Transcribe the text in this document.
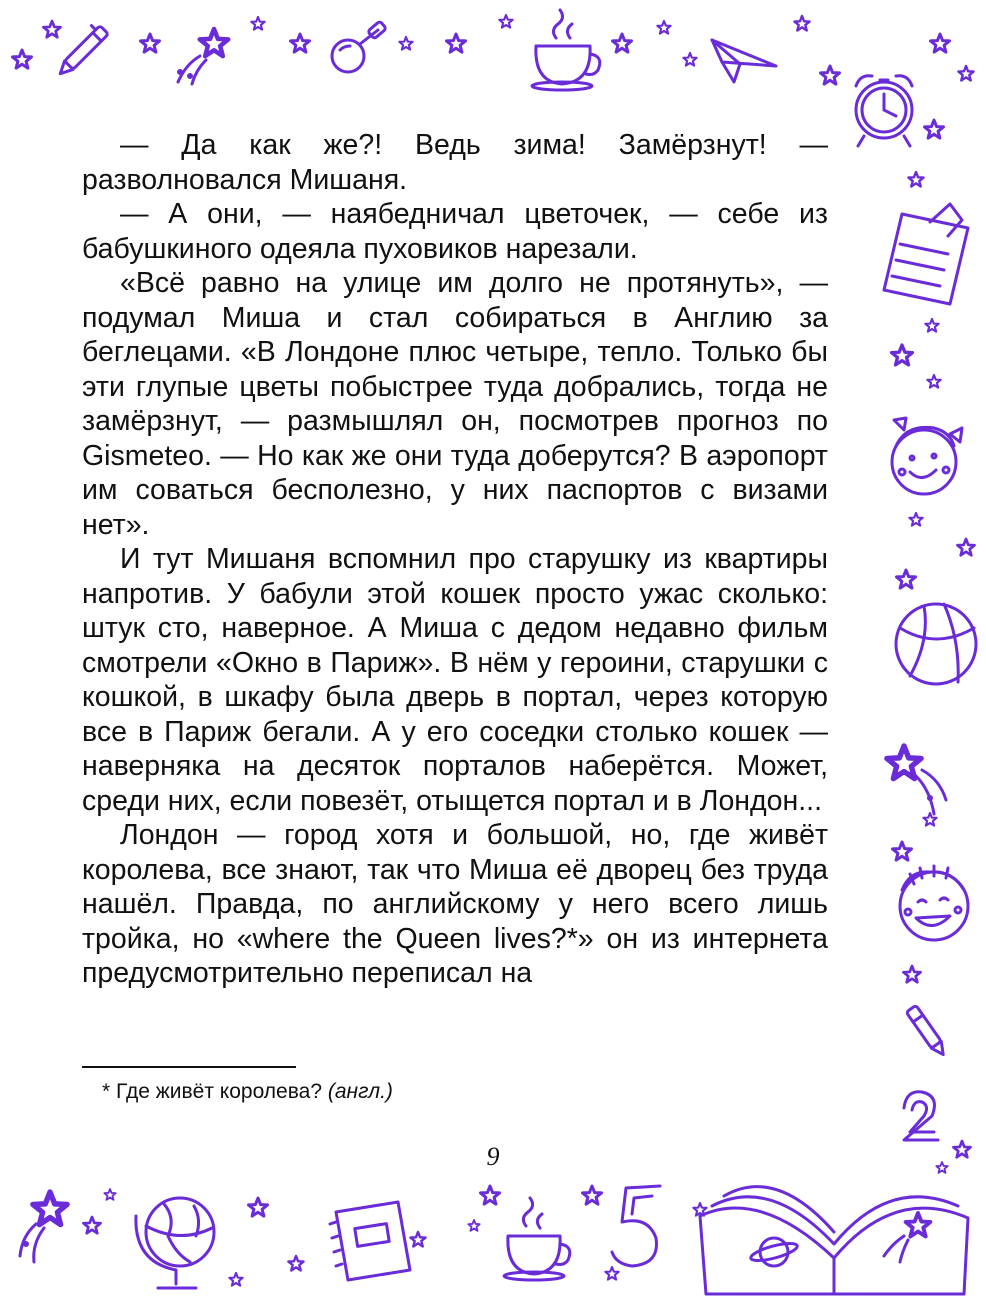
— Да как же?! Ведь зима! Замёрзнут! — разволновался Мишаня.

— А они, — наябедничал цветочек, — себе из бабушкиного одеяла пуховиков нарезали.

«Всё равно на улице им долго не протянуть», — подумал Миша и стал собираться в Англию за беглецами. «В Лондоне плюс четыре, тепло. Только бы эти глупые цветы побыстрее туда добрались, тогда не замёрзнут, — размышлял он, посмотрев прогноз по Gismeteo. — Но как же они туда доберутся? В аэропорт им соваться бесполезно, у них паспортов с визами нет».

И тут Мишаня вспомнил про старушку из квартиры напротив. У бабули этой кошек просто ужас сколько: штук сто, наверное. А Миша с дедом недавно фильм смотрели «Окно в Париж». В нём у героини, старушки с кошкой, в шкафу была дверь в портал, через которую все в Париж бегали. А у его соседки столько кошек — наверняка на десяток порталов наберётся. Может, среди них, если повезёт, отыщется портал и в Лондон...

Лондон — город хотя и большой, но, где живёт королева, все знают, так что Миша её дворец без труда нашёл. Правда, по английскому у него всего лишь тройка, но «where the Queen lives?*» он из интернета предусмотрительно переписал на

* Где живёт королева? (англ.)
9
